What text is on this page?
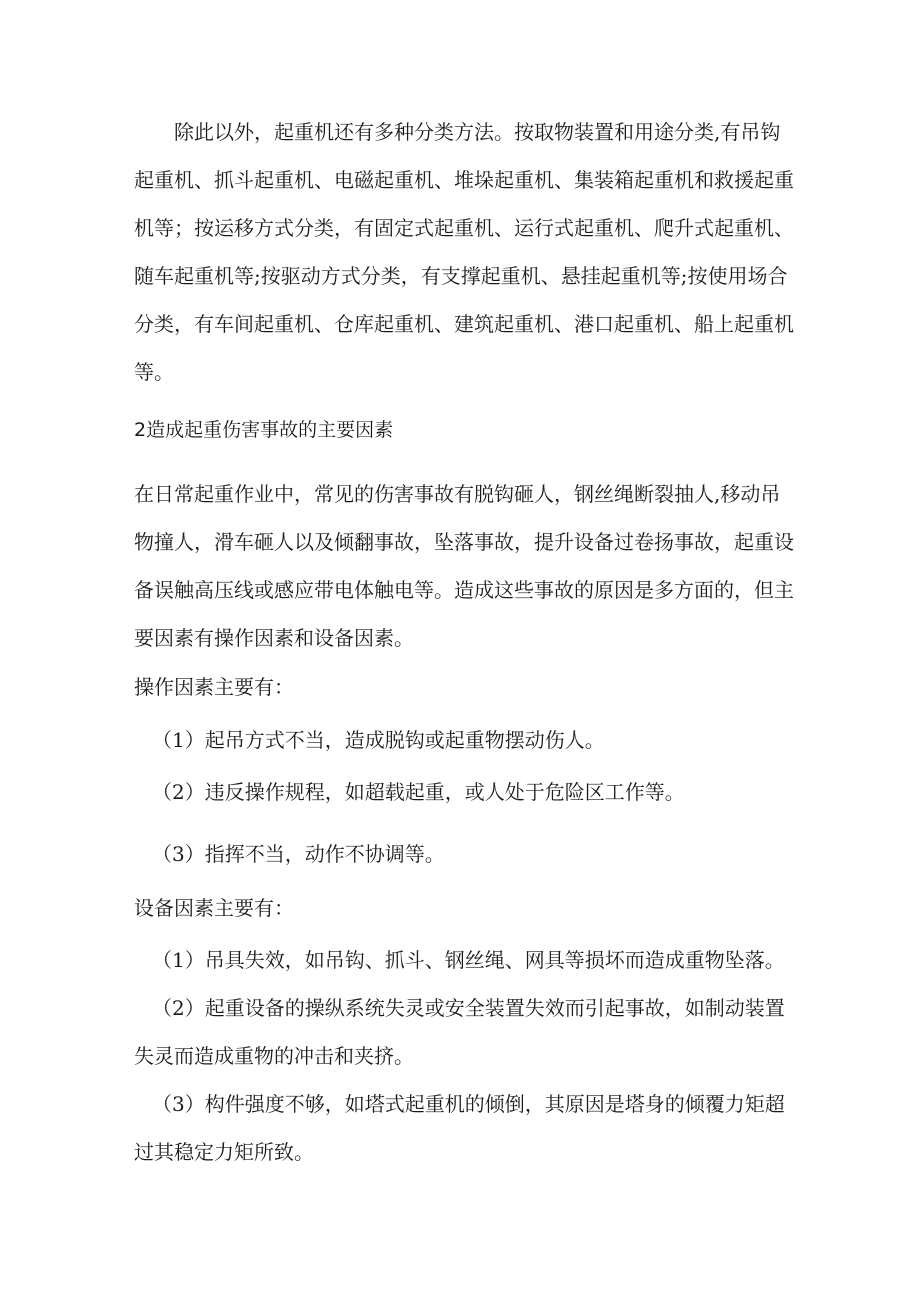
除此以外，起重机还有多种分类方法。按取物装置和用途分类,有吊钩起重机、抓斗起重机、电磁起重机、堆垛起重机、集装箱起重机和救援起重机等；按运移方式分类，有固定式起重机、运行式起重机、爬升式起重机、随车起重机等;按驱动方式分类，有支撑起重机、悬挂起重机等;按使用场合分类，有车间起重机、仓库起重机、建筑起重机、港口起重机、船上起重机等。

2造成起重伤害事故的主要因素

在日常起重作业中，常见的伤害事故有脱钩砸人，钢丝绳断裂抽人,移动吊物撞人，滑车砸人以及倾翻事故，坠落事故，提升设备过卷扬事故，起重设备误触高压线或感应带电体触电等。造成这些事故的原因是多方面的，但主要因素有操作因素和设备因素。

操作因素主要有：

（1）起吊方式不当，造成脱钩或起重物摆动伤人。

（2）违反操作规程，如超载起重，或人处于危险区工作等。

（3）指挥不当，动作不协调等。

设备因素主要有：

（1）吊具失效，如吊钩、抓斗、钢丝绳、网具等损坏而造成重物坠落。

（2）起重设备的操纵系统失灵或安全装置失效而引起事故，如制动装置失灵而造成重物的冲击和夹挤。

（3）构件强度不够，如塔式起重机的倾倒，其原因是塔身的倾覆力矩超过其稳定力矩所致。
